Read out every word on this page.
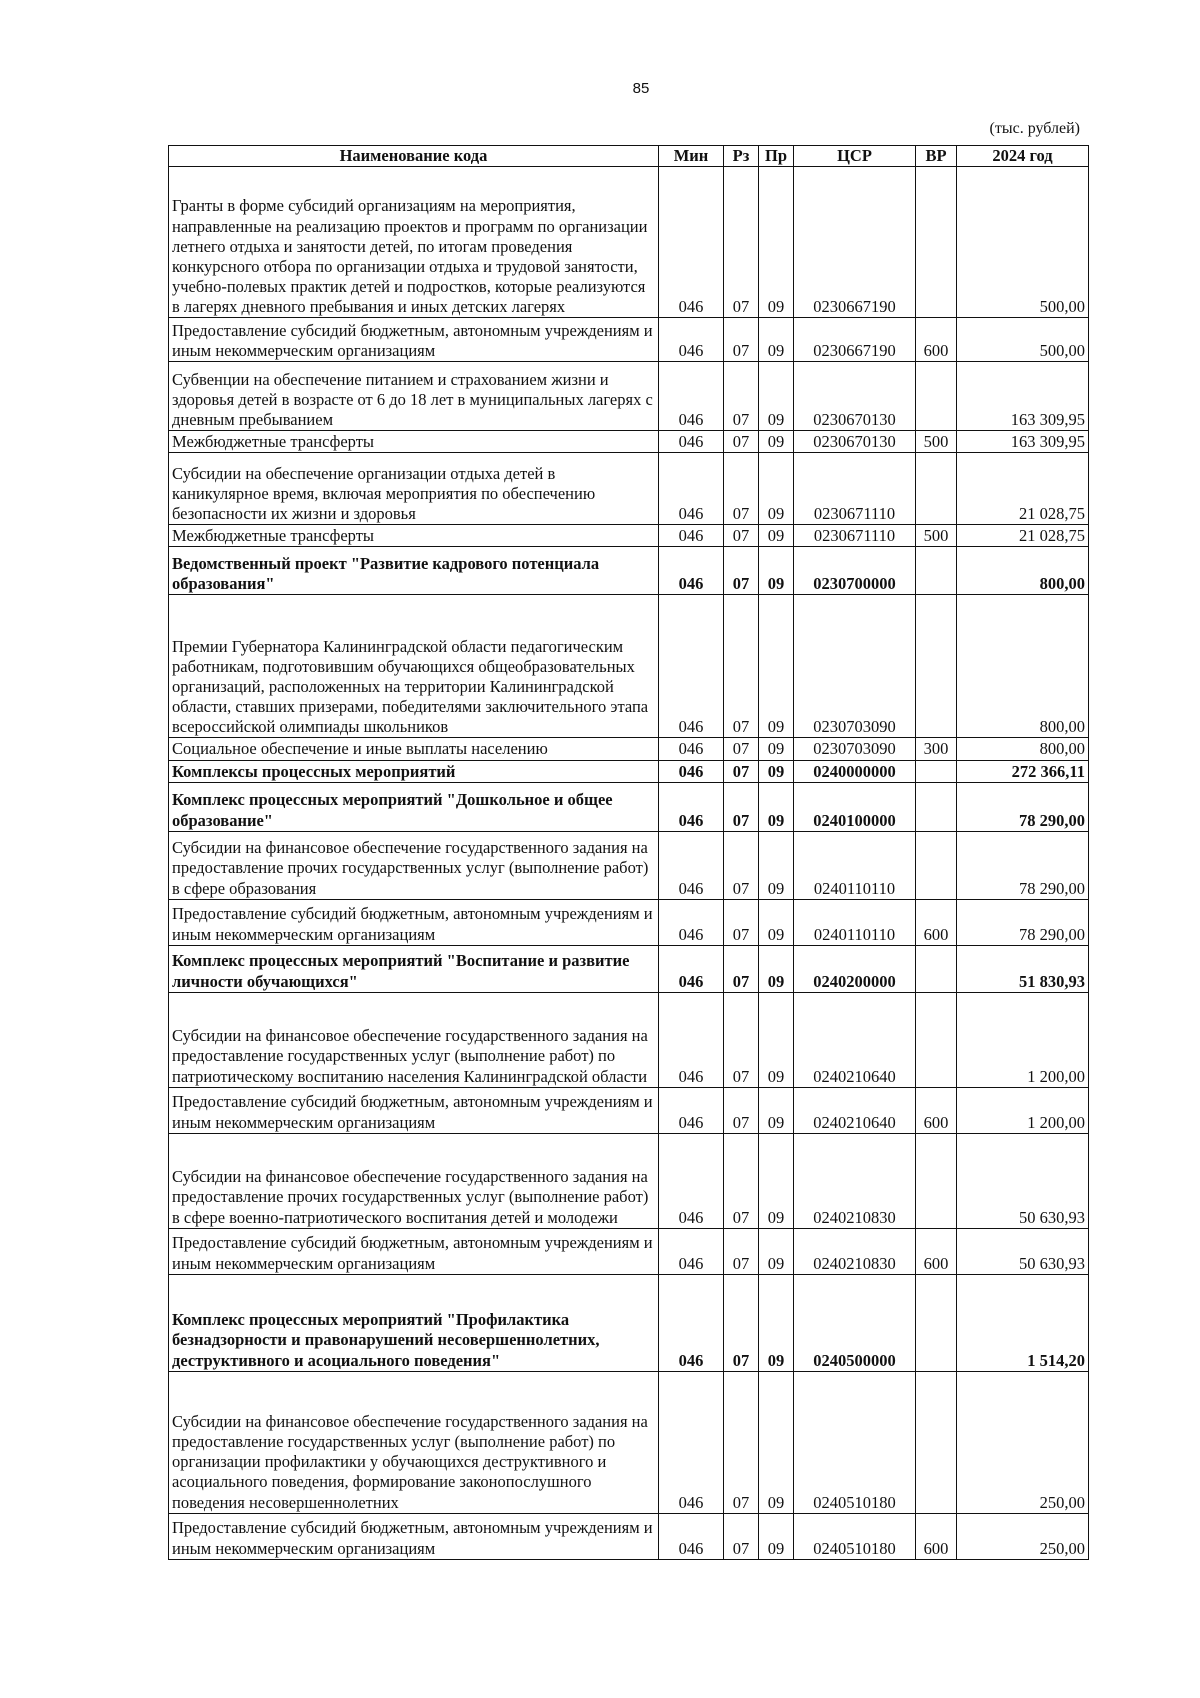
85
(тыс. рублей)
Наименование кода	Мин	Рз	Пр	ЦСР	ВР	2024 год
Гранты в форме субсидий организациям на мероприятия, направленные на реализацию проектов и программ по организации летнего отдыха и занятости детей, по итогам проведения конкурсного отбора по организации отдыха и трудовой занятости, учебно-полевых практик детей и подростков, которые реализуются в лагерях дневного пребывания и иных детских лагерях	046	07	09	0230667190		500,00
Предоставление субсидий бюджетным, автономным учреждениям и иным некоммерческим организациям	046	07	09	0230667190	600	500,00
Субвенции на обеспечение питанием и страхованием жизни и здоровья детей в возрасте от 6 до 18 лет в муниципальных лагерях с дневным пребыванием	046	07	09	0230670130		163 309,95
Межбюджетные трансферты	046	07	09	0230670130	500	163 309,95
Субсидии на обеспечение организации отдыха детей в каникулярное время, включая мероприятия по обеспечению безопасности их жизни и здоровья	046	07	09	0230671110		21 028,75
Межбюджетные трансферты	046	07	09	0230671110	500	21 028,75
Ведомственный проект "Развитие кадрового потенциала образования"	046	07	09	0230700000		800,00
Премии Губернатора Калининградской области педагогическим работникам, подготовившим обучающихся общеобразовательных организаций, расположенных на территории Калининградской области, ставших призерами, победителями заключительного этапа всероссийской олимпиады школьников	046	07	09	0230703090		800,00
Социальное обеспечение и иные выплаты населению	046	07	09	0230703090	300	800,00
Комплексы процессных мероприятий	046	07	09	0240000000		272 366,11
Комплекс процессных мероприятий "Дошкольное и общее образование"	046	07	09	0240100000		78 290,00
Субсидии на финансовое обеспечение государственного задания на предоставление прочих государственных услуг (выполнение работ) в сфере образования	046	07	09	0240110110		78 290,00
Предоставление субсидий бюджетным, автономным учреждениям и иным некоммерческим организациям	046	07	09	0240110110	600	78 290,00
Комплекс процессных мероприятий "Воспитание и развитие личности обучающихся"	046	07	09	0240200000		51 830,93
Субсидии на финансовое обеспечение государственного задания на предоставление государственных услуг (выполнение работ) по патриотическому воспитанию населения Калининградской области	046	07	09	0240210640		1 200,00
Предоставление субсидий бюджетным, автономным учреждениям и иным некоммерческим организациям	046	07	09	0240210640	600	1 200,00
Субсидии на финансовое обеспечение государственного задания на предоставление прочих государственных услуг (выполнение работ) в сфере военно-патриотического воспитания детей и молодежи	046	07	09	0240210830		50 630,93
Предоставление субсидий бюджетным, автономным учреждениям и иным некоммерческим организациям	046	07	09	0240210830	600	50 630,93
Комплекс процессных мероприятий "Профилактика безнадзорности и правонарушений несовершеннолетних, деструктивного и асоциального поведения"	046	07	09	0240500000		1 514,20
Субсидии на финансовое обеспечение государственного задания на предоставление государственных услуг (выполнение работ) по организации профилактики у обучающихся деструктивного и асоциального поведения, формирование законопослушного поведения несовершеннолетних	046	07	09	0240510180		250,00
Предоставление субсидий бюджетным, автономным учреждениям и иным некоммерческим организациям	046	07	09	0240510180	600	250,00
